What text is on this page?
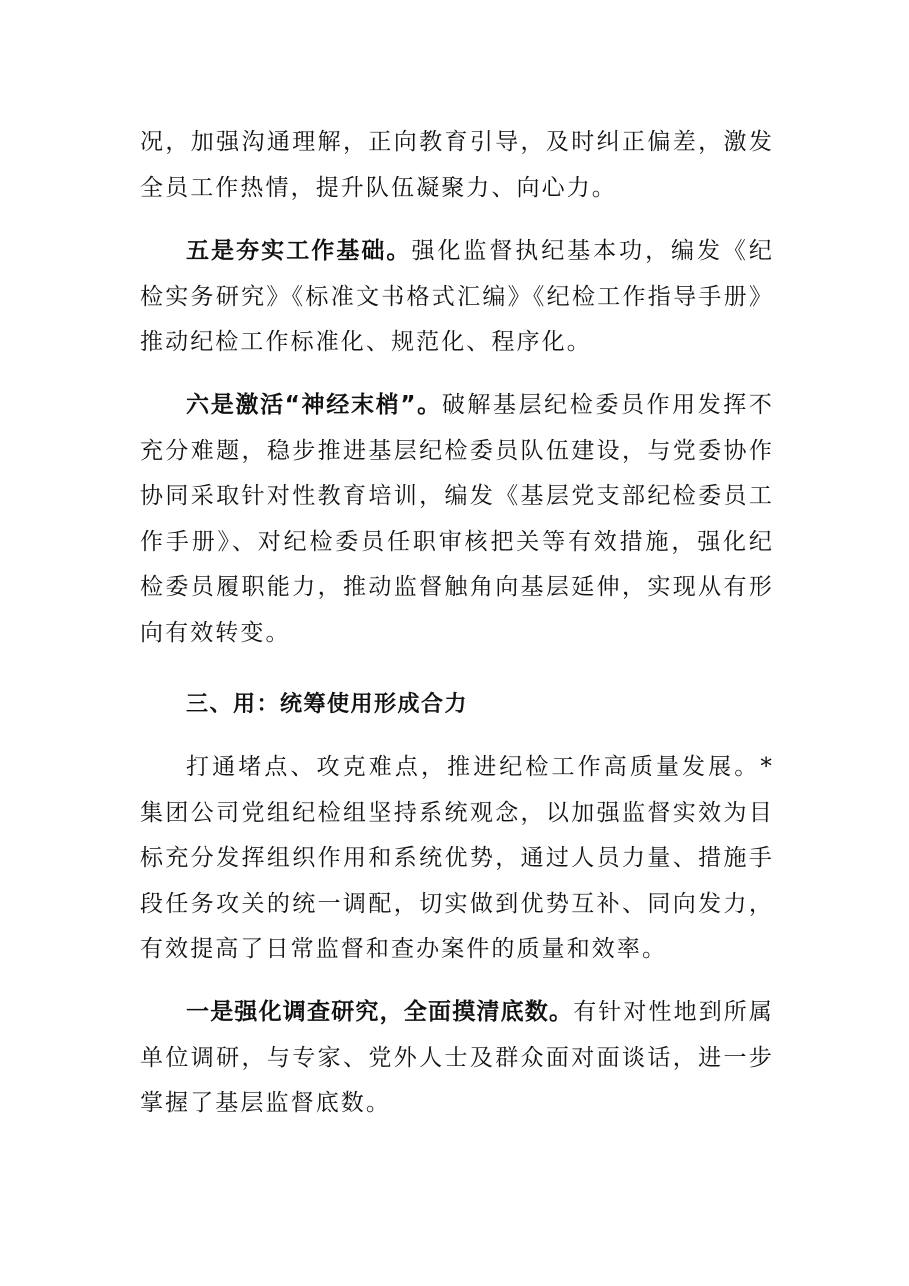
况，加强沟通理解，正向教育引导，及时纠正偏差，激发全员工作热情，提升队伍凝聚力、向心力。

五是夯实工作基础。强化监督执纪基本功，编发《纪检实务研究》《标准文书格式汇编》《纪检工作指导手册》推动纪检工作标准化、规范化、程序化。

六是激活“神经末梢”。破解基层纪检委员作用发挥不充分难题，稳步推进基层纪检委员队伍建设，与党委协作协同采取针对性教育培训，编发《基层党支部纪检委员工作手册》、对纪检委员任职审核把关等有效措施，强化纪检委员履职能力，推动监督触角向基层延伸，实现从有形向有效转变。

三、用：统筹使用形成合力

打通堵点、攻克难点，推进纪检工作高质量发展。*集团公司党组纪检组坚持系统观念，以加强监督实效为目标充分发挥组织作用和系统优势，通过人员力量、措施手段任务攻关的统一调配，切实做到优势互补、同向发力，有效提高了日常监督和查办案件的质量和效率。

一是强化调查研究，全面摸清底数。有针对性地到所属单位调研，与专家、党外人士及群众面对面谈话，进一步掌握了基层监督底数。
